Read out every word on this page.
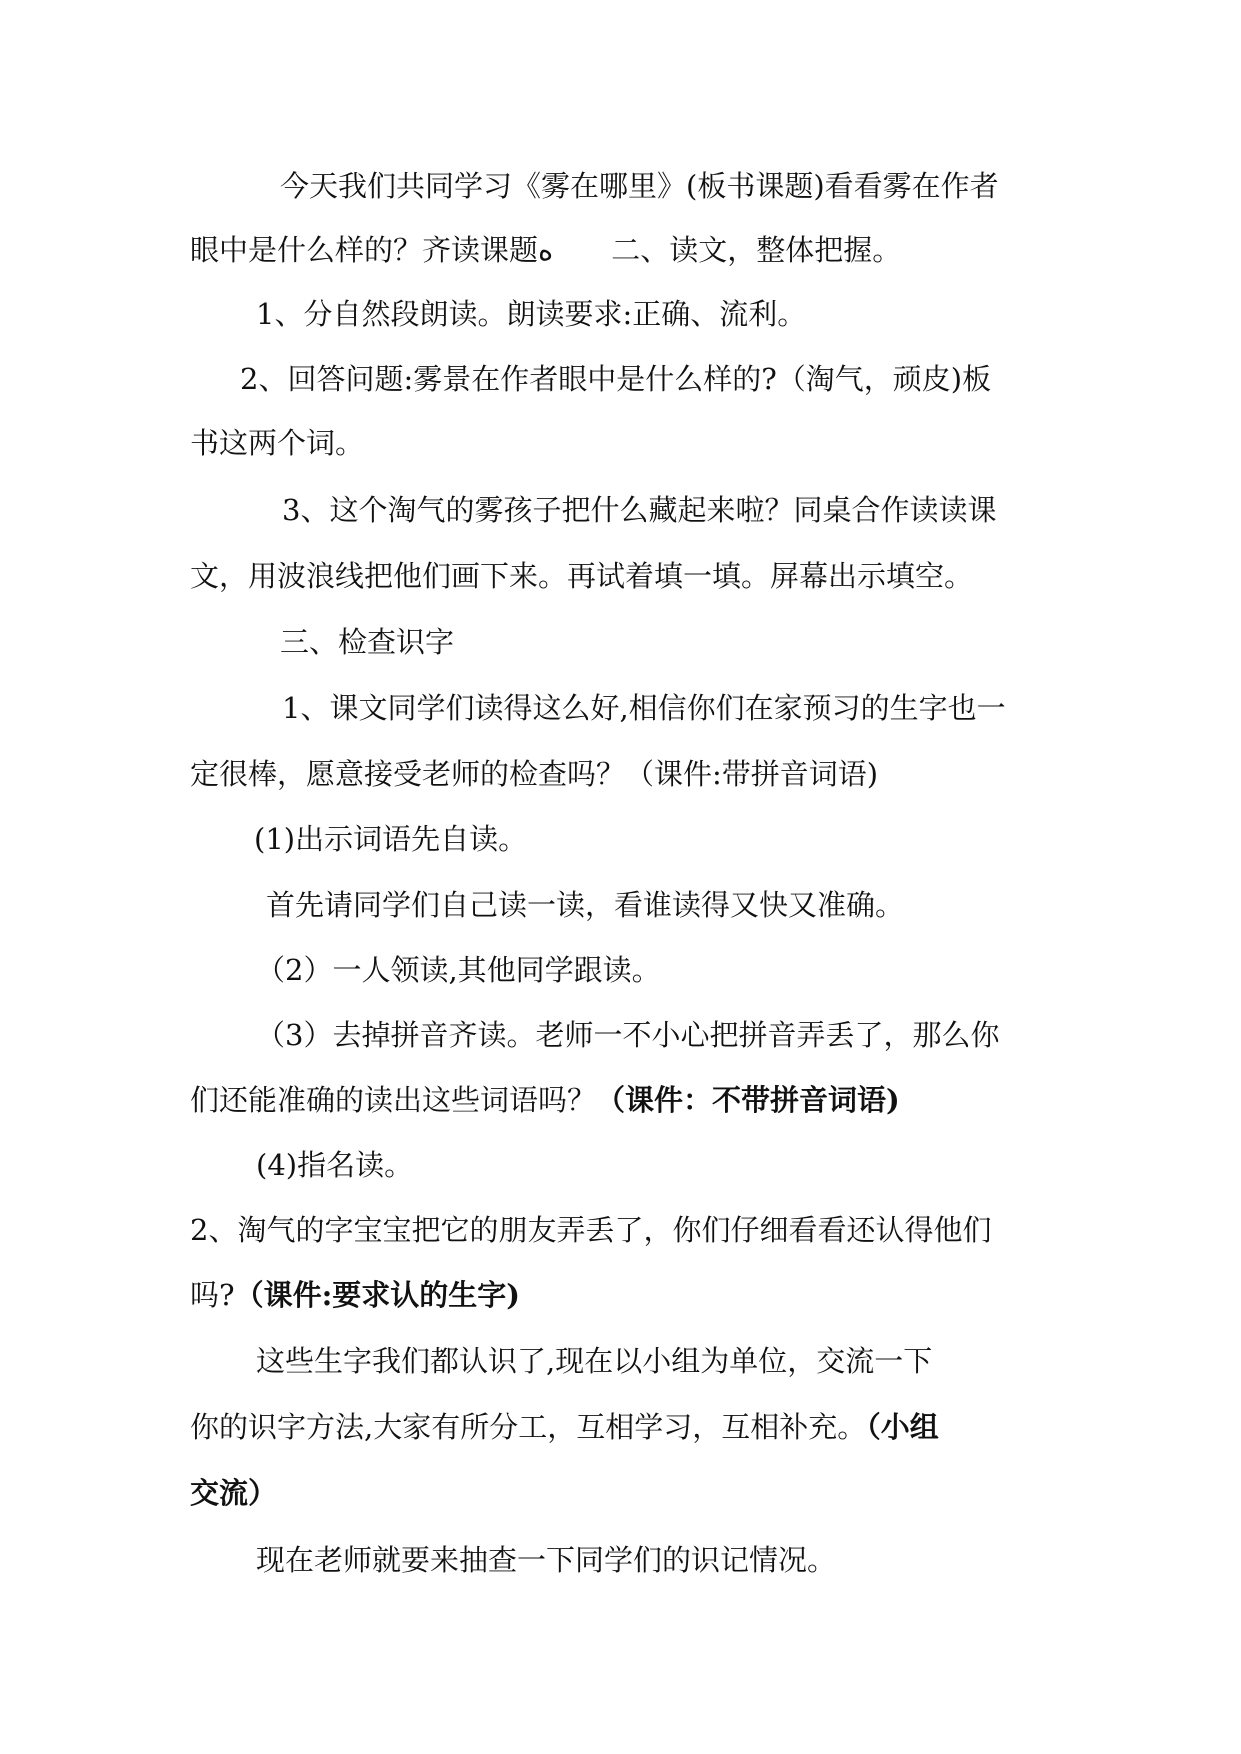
今天我们共同学习《雾在哪里》(板书课题)看看雾在作者
眼中是什么样的？齐读课题ه　　二、读文，整体把握。
1、分自然段朗读。朗读要求:正确、流利。
2、回答问题:雾景在作者眼中是什么样的?（淘气，顽皮)板
书这两个词。
3、这个淘气的雾孩子把什么藏起来啦？同桌合作读读课
文，用波浪线把他们画下来。再试着填一填。屏幕出示填空。
三、检查识字
1、课文同学们读得这么好,相信你们在家预习的生字也一
定很棒，愿意接受老师的检查吗？（课件:带拼音词语)
(1)出示词语先自读。
首先请同学们自己读一读，看谁读得又快又准确。
（2）一人领读,其他同学跟读。
（3）去掉拼音齐读。老师一不小心把拼音弄丢了，那么你
们还能准确的读出这些词语吗？（课件：不带拼音词语)
(4)指名读。
2、淘气的字宝宝把它的朋友弄丢了，你们仔细看看还认得他们
吗?（课件:要求认的生字)
这些生字我们都认识了,现在以小组为单位，交流一下
你的识字方法,大家有所分工，互相学习，互相补充。（小组
交流）
现在老师就要来抽查一下同学们的识记情况。
